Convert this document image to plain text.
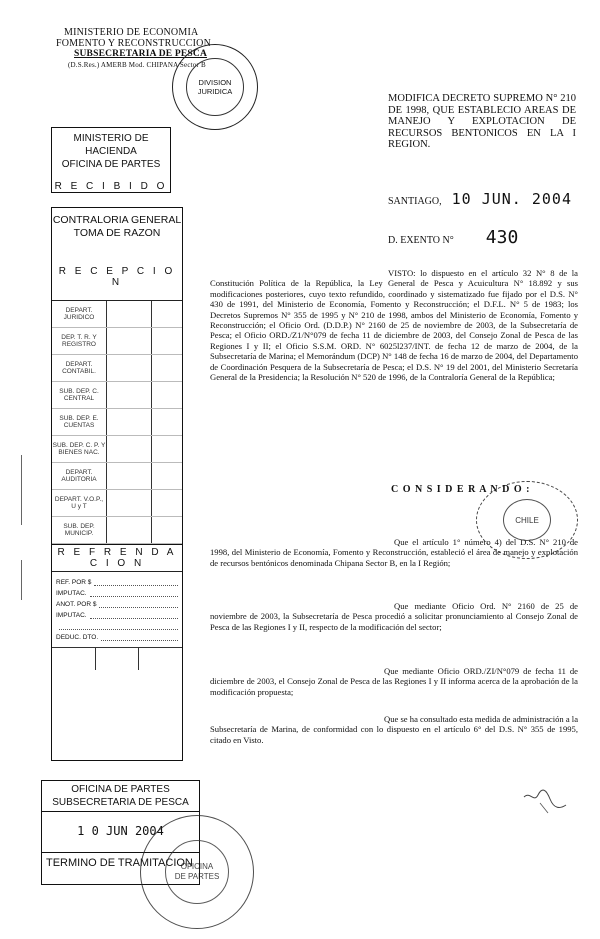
MINISTERIO DE ECONOMIA
FOMENTO Y RECONSTRUCCION
SUBSECRETARIA DE PESCA
(D.S.Res.) AMERB Mod. CHIPANA Sector B
DIVISION
JURIDICA
MODIFICA DECRETO SUPREMO N° 210 DE 1998, QUE ESTABLECIO AREAS DE MANEJO Y EXPLOTACION DE RECURSOS BENTONICOS EN LA I REGION.
SANTIAGO, 10 JUN. 2004
D. EXENTO N° 430
MINISTERIO DE HACIENDA
OFICINA DE PARTES
R E C I B I D O
CONTRALORIA GENERAL
TOMA DE RAZON
R E C E P C I O N
DEPART. JURIDICO
DEP. T. R. Y REGISTRO
DEPART. CONTABIL.
SUB. DEP. C. CENTRAL
SUB. DEP. E. CUENTAS
SUB. DEP. C. P. Y BIENES NAC.
DEPART. AUDITORIA
DEPART. V.O.P., U y T
SUB. DEP. MUNICIP.
R E F R E N D A C I O N
REF. POR $
IMPUTAC.
ANOT. POR $
IMPUTAC.
DEDUC. DTO.
VISTO: lo dispuesto en el artículo 32 N° 8 de la Constitución Política de la República, la Ley General de Pesca y Acuicultura N° 18.892 y sus modificaciones posteriores, cuyo texto refundido, coordinado y sistematizado fue fijado por el D.S. N° 430 de 1991, del Ministerio de Economía, Fomento y Reconstrucción; el D.F.L. N° 5 de 1983; los Decretos Supremos N° 355 de 1995 y N° 210 de 1998, ambos del Ministerio de Economía, Fomento y Reconstrucción; el Oficio Ord. (D.D.P.) N° 2160 de 25 de noviembre de 2003, de la Subsecretaría de Pesca; el Oficio ORD./Z1/N°079 de fecha 11 de diciembre de 2003, del Consejo Zonal de Pesca de las Regiones I y II; el Oficio S.S.M. ORD. N° 6025l237/INT. de fecha 12 de marzo de 2004, de la Subsecretaría de Marina; el Memorándum (DCP) N° 148 de fecha 16 de marzo de 2004, del Departamento de Coordinación Pesquera de la Subsecretaría de Pesca; el D.S. N° 19 del 2001, del Ministerio Secretaría General de la Presidencia; la Resolución N° 520 de 1996, de la Contraloría General de la República;
C O N S I D E R A N D O :
Que el artículo 1° número 4) del D.S. N° 210 de 1998, del Ministerio de Economía, Fomento y Reconstrucción, estableció el área de manejo y explotación de recursos bentónicos denominada Chipana Sector B, en la I Región;
Que mediante Oficio Ord. N° 2160 de 25 de noviembre de 2003, la Subsecretaría de Pesca procedió a solicitar pronunciamiento al Consejo Zonal de Pesca de las Regiones I y II, respecto de la modificación del sector;
Que mediante Oficio ORD./ZI/N°079 de fecha 11 de diciembre de 2003, el Consejo Zonal de Pesca de las Regiones I y II informa acerca de la aprobación de la modificación propuesta;
Que se ha consultado esta medida de administración a la Subsecretaría de Marina, de conformidad con lo dispuesto en el artículo 6° del D.S. N° 355 de 1995, citado en Visto.
CHILE
OFICINA DE PARTES
SUBSECRETARIA DE PESCA
1 0 JUN 2004
TERMINO DE TRAMITACION
OFICINA
DE PARTES
